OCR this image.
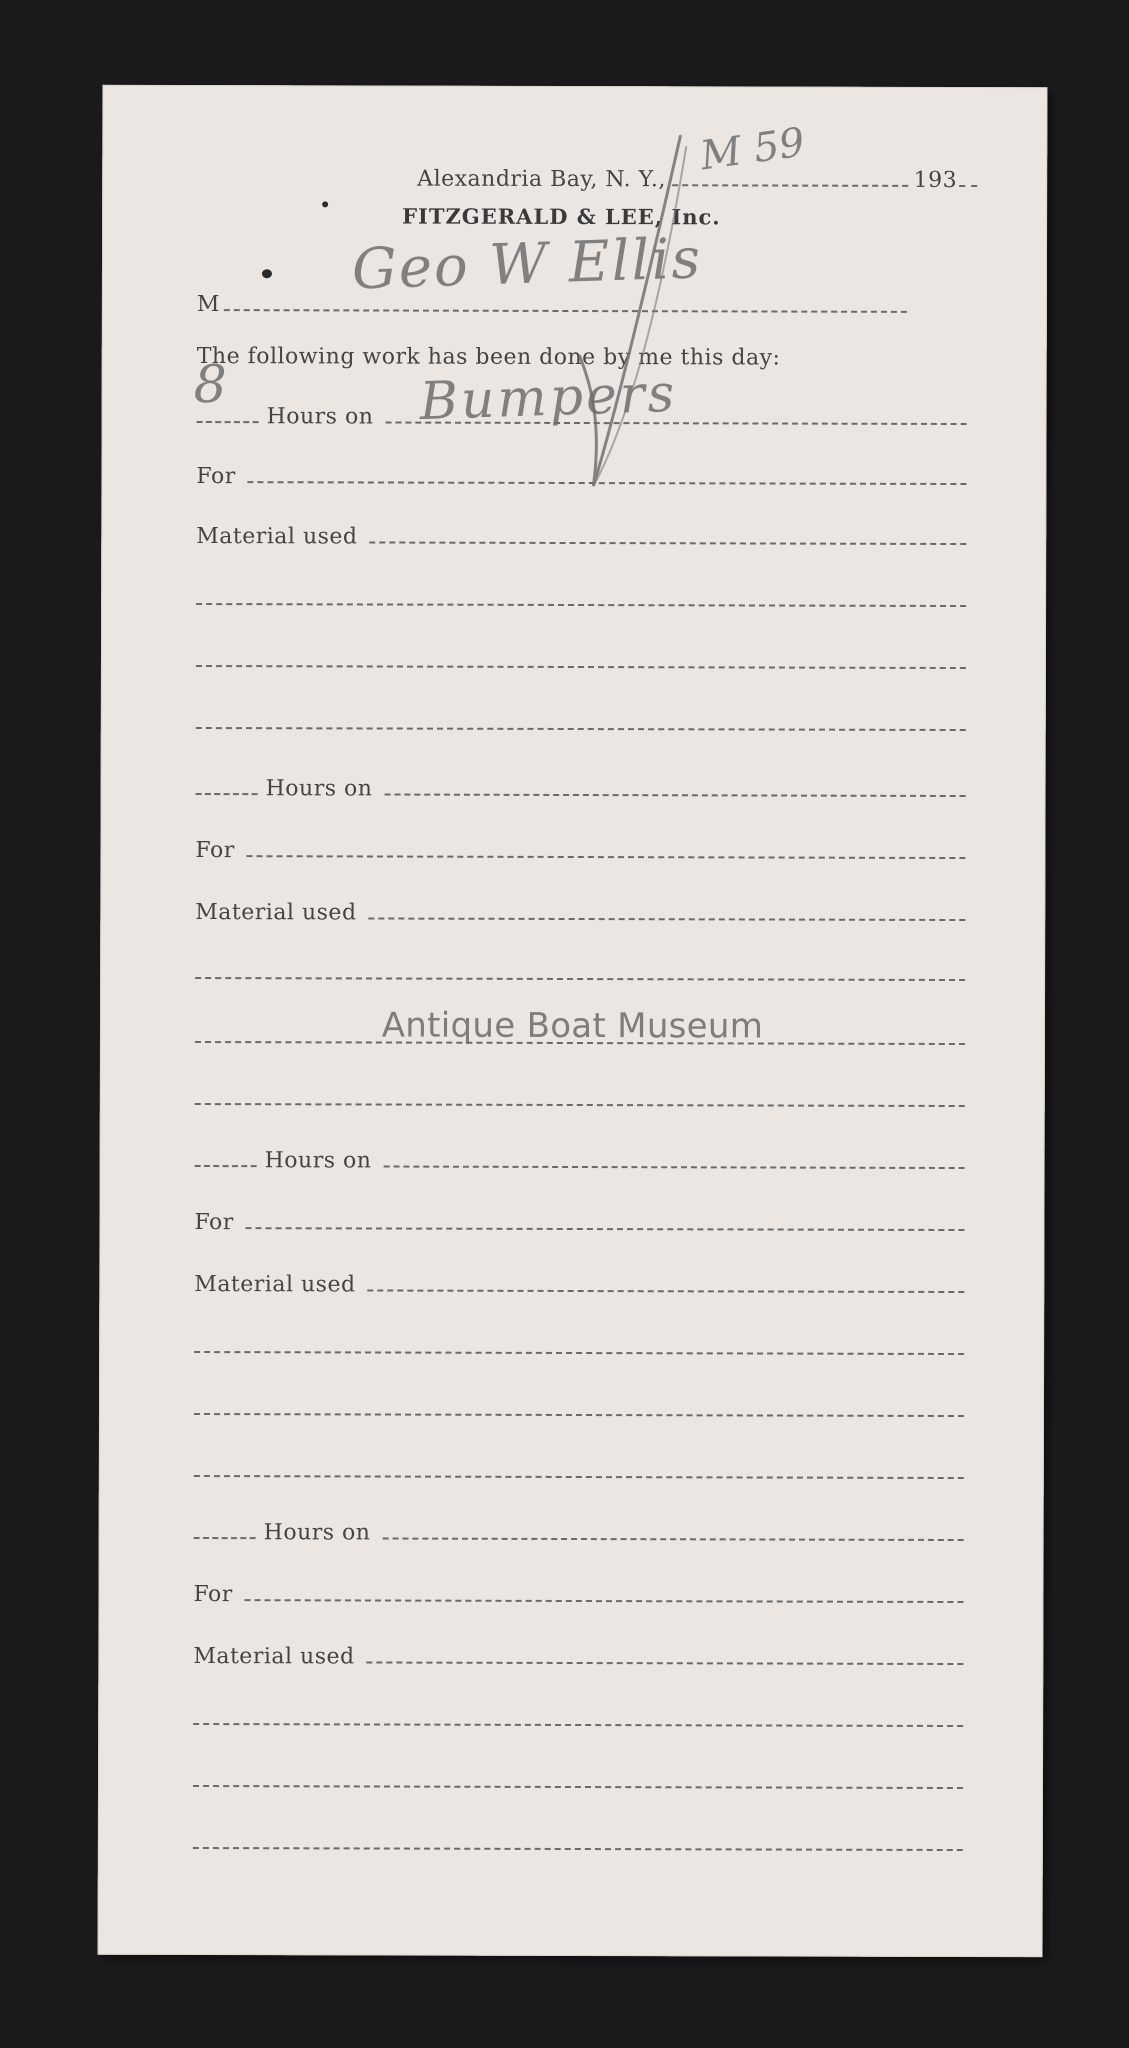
Alexandria Bay, N. Y.,	193
M 59
FITZGERALD & LEE, Inc.
M
Geo W Ellis
The following work has been done by me this day:
Hours on
8	Bumpers
For
Material used
Hours on
For
Material used
Hours on
For
Material used
Hours on
For
Material used
Antique Boat Museum
